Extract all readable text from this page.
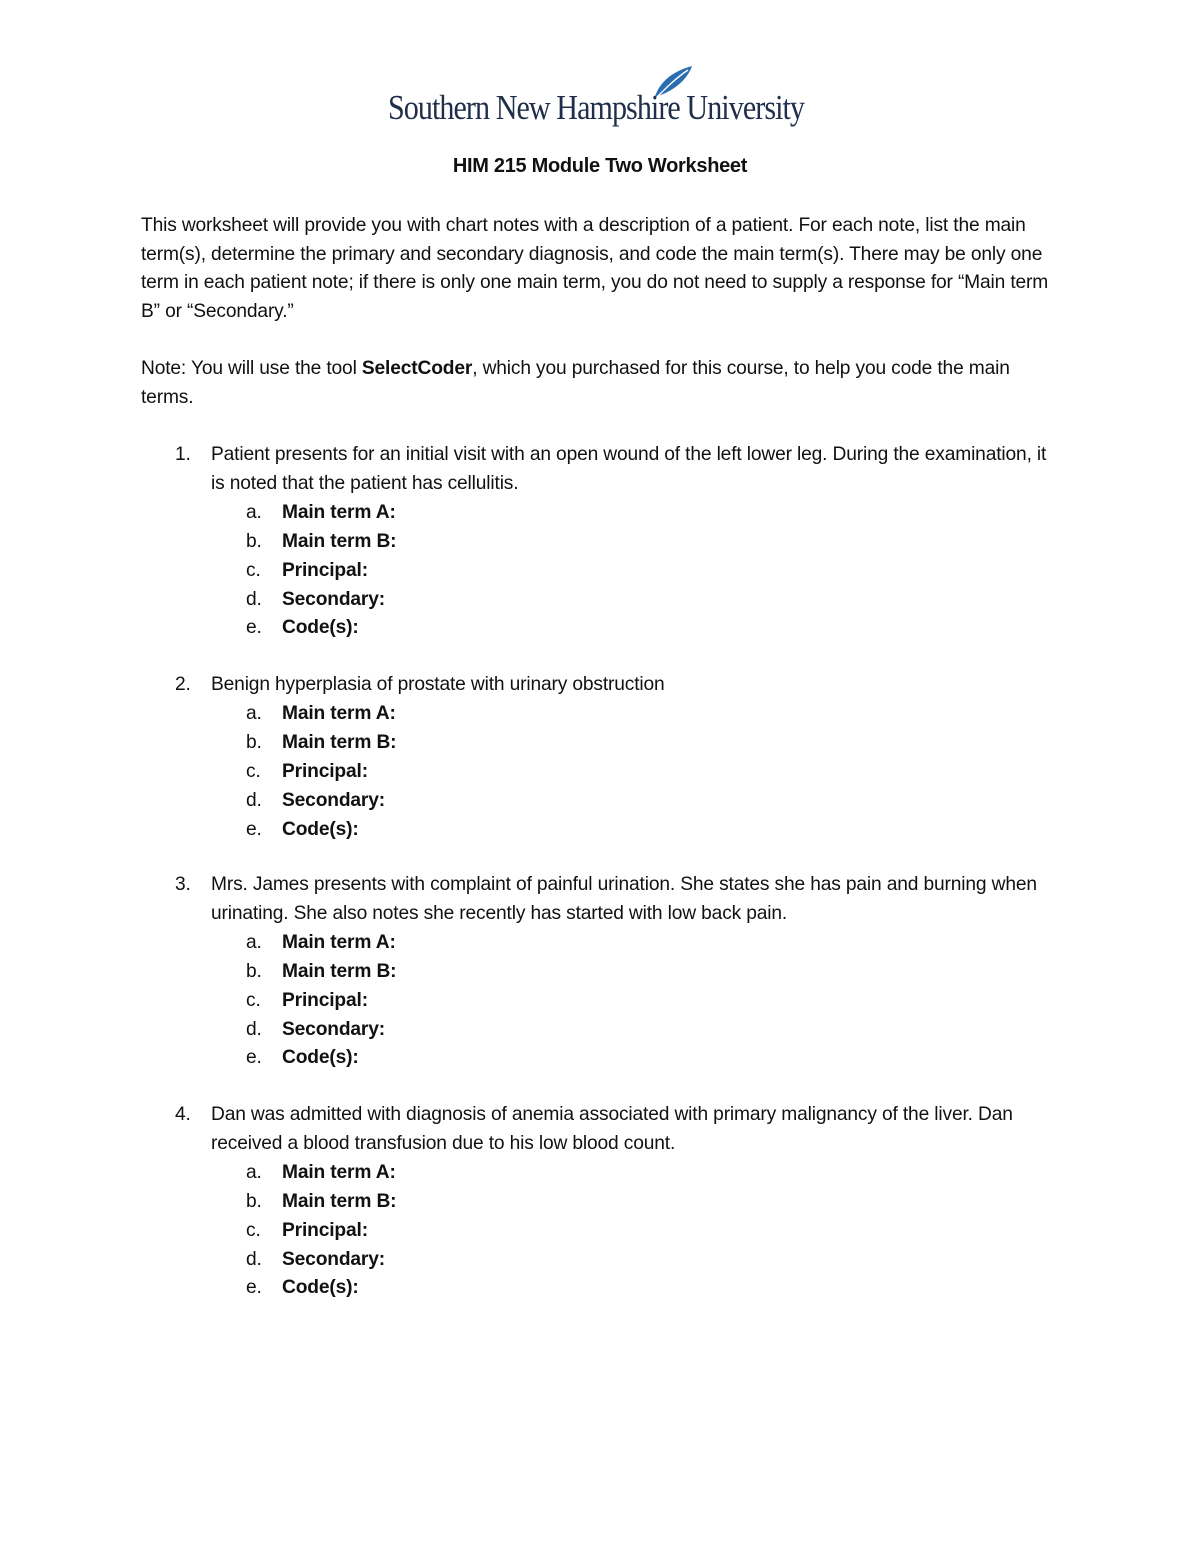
Southern New Hampshire University
HIM 215 Module Two Worksheet
This worksheet will provide you with chart notes with a description of a patient. For each note, list the main term(s), determine the primary and secondary diagnosis, and code the main term(s). There may be only one term in each patient note; if there is only one main term, you do not need to supply a response for “Main term B” or “Secondary.”
Note: You will use the tool SelectCoder, which you purchased for this course, to help you code the main terms.
1. Patient presents for an initial visit with an open wound of the left lower leg. During the examination, it is noted that the patient has cellulitis.
a. Main term A:
b. Main term B:
c. Principal:
d. Secondary:
e. Code(s):
2. Benign hyperplasia of prostate with urinary obstruction
a. Main term A:
b. Main term B:
c. Principal:
d. Secondary:
e. Code(s):
3. Mrs. James presents with complaint of painful urination. She states she has pain and burning when urinating. She also notes she recently has started with low back pain.
a. Main term A:
b. Main term B:
c. Principal:
d. Secondary:
e. Code(s):
4. Dan was admitted with diagnosis of anemia associated with primary malignancy of the liver. Dan received a blood transfusion due to his low blood count.
a. Main term A:
b. Main term B:
c. Principal:
d. Secondary:
e. Code(s):
